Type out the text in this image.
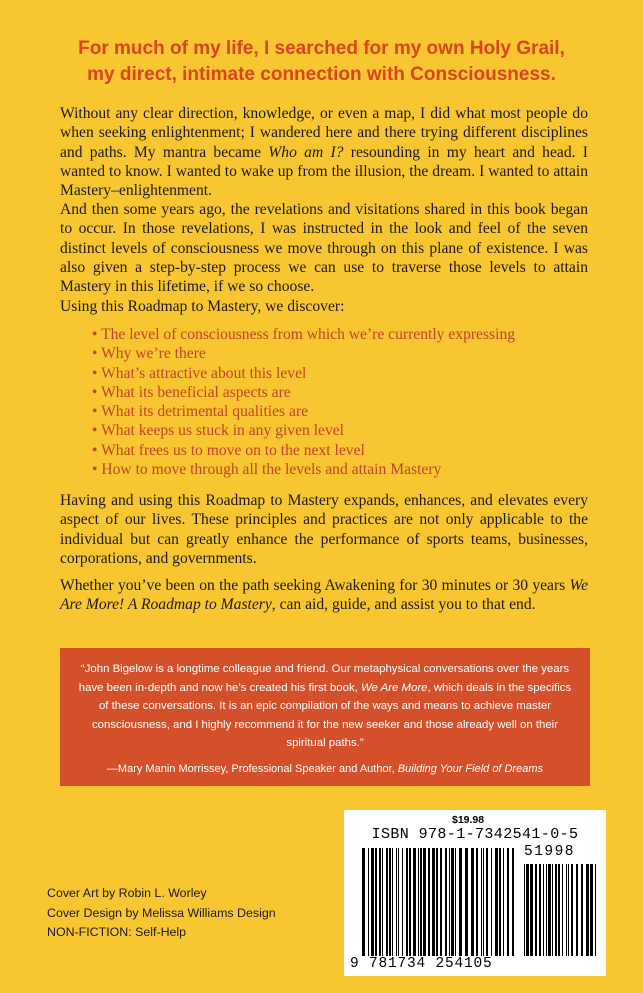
For much of my life, I searched for my own Holy Grail,
my direct, intimate connection with Consciousness.

Without any clear direction, knowledge, or even a map, I did what most people do when seeking enlightenment; I wandered here and there trying different disciplines and paths. My mantra became Who am I? resounding in my heart and head. I wanted to know. I wanted to wake up from the illusion, the dream. I wanted to attain Mastery–enlightenment.

And then some years ago, the revelations and visitations shared in this book began to occur. In those revelations, I was instructed in the look and feel of the seven distinct levels of consciousness we move through on this plane of existence. I was also given a step-by-step process we can use to traverse those levels to attain Mastery in this lifetime, if we so choose.

Using this Roadmap to Mastery, we discover:

• The level of consciousness from which we’re currently expressing
• Why we’re there
• What’s attractive about this level
• What its beneficial aspects are
• What its detrimental qualities are
• What keeps us stuck in any given level
• What frees us to move on to the next level
• How to move through all the levels and attain Mastery

Having and using this Roadmap to Mastery expands, enhances, and elevates every aspect of our lives. These principles and practices are not only applicable to the individual but can greatly enhance the performance of sports teams, businesses, corporations, and governments.

Whether you’ve been on the path seeking Awakening for 30 minutes or 30 years We Are More! A Roadmap to Mastery, can aid, guide, and assist you to that end.

“John Bigelow is a longtime colleague and friend. Our metaphysical conversations over the years have been in-depth and now he’s created his first book, We Are More, which deals in the specifics of these conversations. It is an epic compilation of the ways and means to achieve master consciousness, and I highly recommend it for the new seeker and those already well on their spiritual paths.”

—Mary Manin Morrissey, Professional Speaker and Author, Building Your Field of Dreams

Cover Art by Robin L. Worley
Cover Design by Melissa Williams Design
NON-FICTION: Self-Help
$19.98
ISBN 978-1-7342541-0-5
51998
9 781734 254105
